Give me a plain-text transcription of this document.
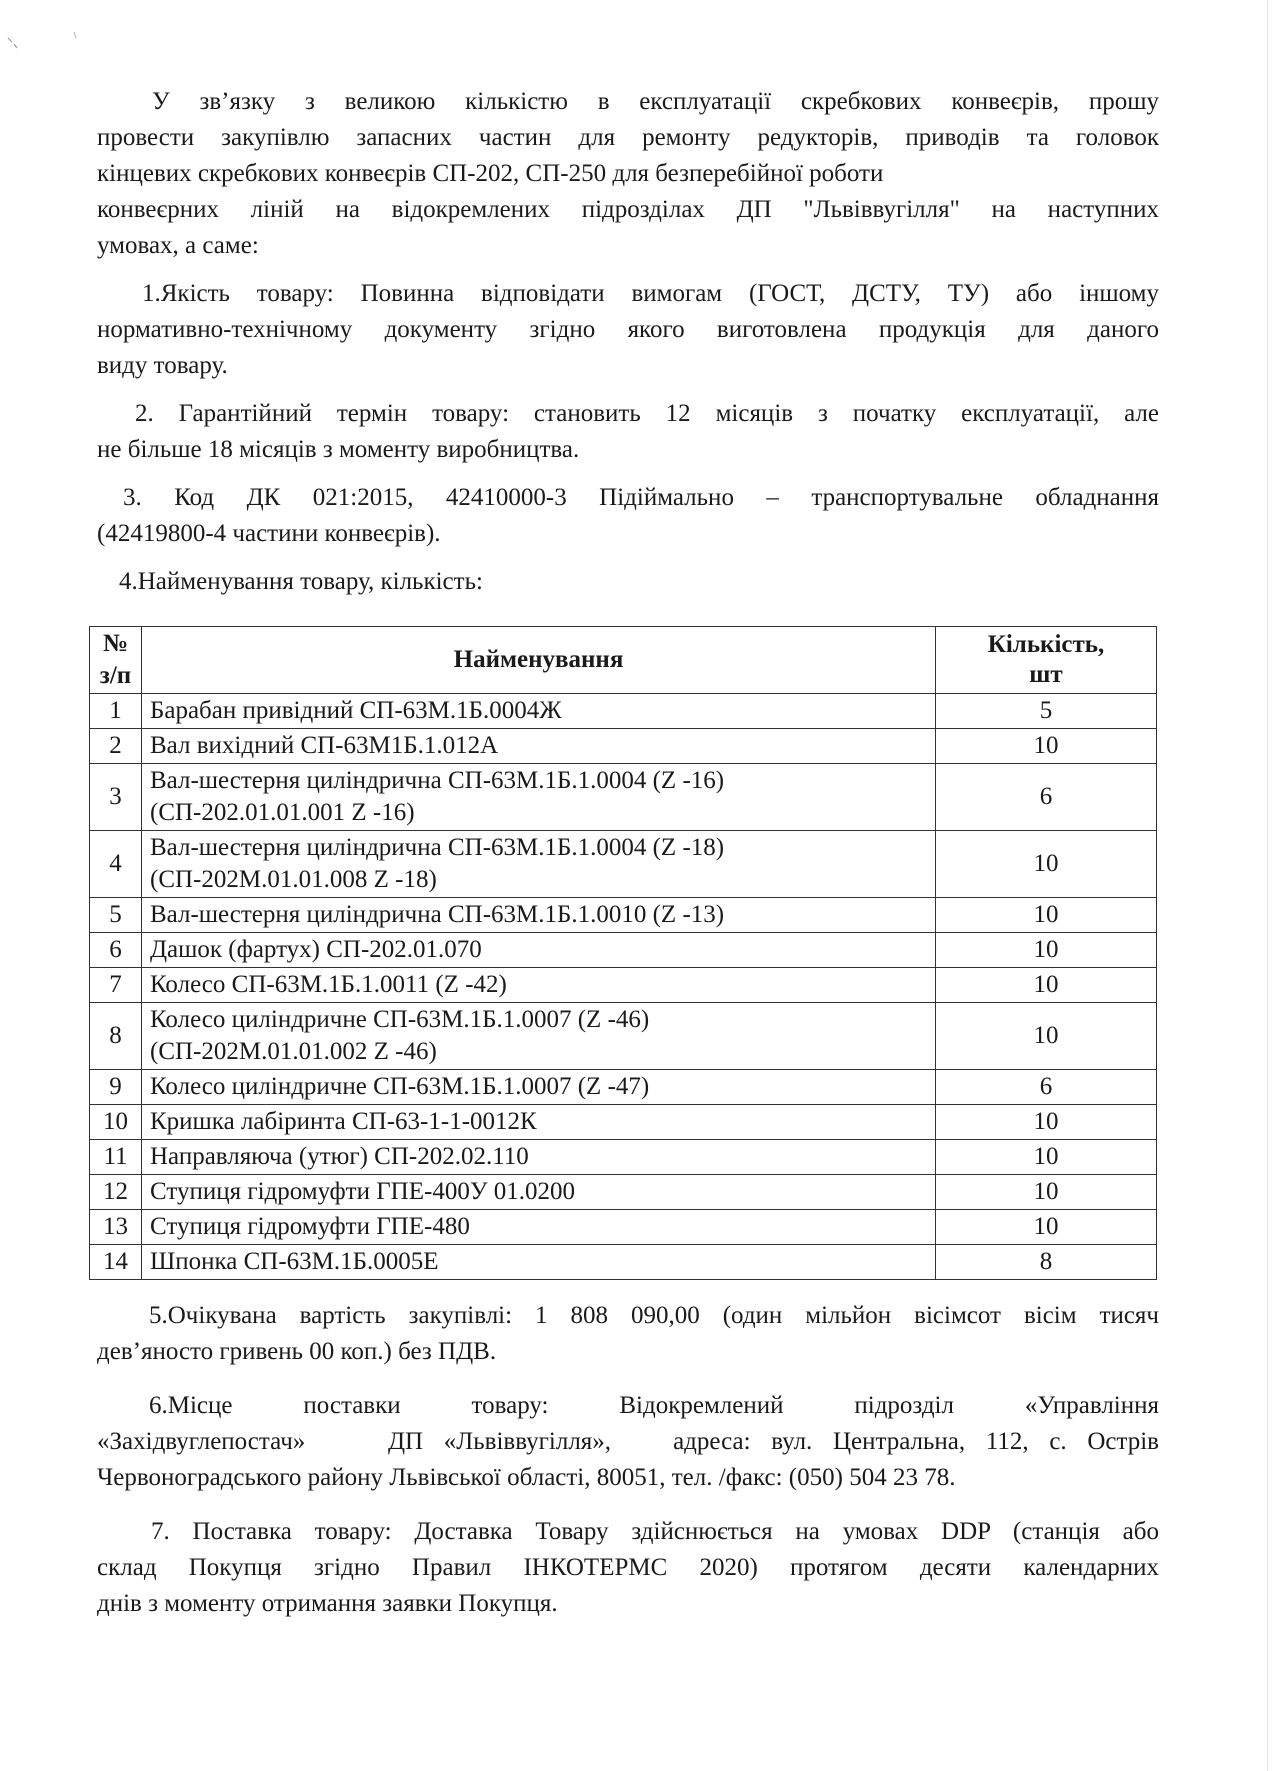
У зв’язку з великою кількістю в експлуатації скребкових конвеєрів, прошу
провести закупівлю запасних частин для ремонту редукторів, приводів та головок
кінцевих скребкових конвеєрів СП-202, СП-250 для безперебійної роботи
конвеєрних ліній на відокремлених підрозділах ДП "Львіввугілля" на наступних
умовах, а саме:

1.Якість товару: Повинна відповідати вимогам (ГОСТ, ДСТУ, ТУ) або іншому
нормативно-технічному документу згідно якого виготовлена продукція для даного
виду товару.

2. Гарантійний термін товару: становить 12 місяців з початку експлуатації, але
не більше 18 місяців з моменту виробництва.

3. Код ДК 021:2015, 42410000-3 Підіймально – транспортувальне обладнання
(42419800-4 частини конвеєрів).

4.Найменування товару, кількість:

№
з/п	Найменування	Кількість,
шт
1	Барабан привідний СП-63М.1Б.0004Ж	5
2	Вал вихідний СП-63М1Б.1.012А	10
3	Вал-шестерня циліндрична СП-63М.1Б.1.0004 (Z -16)
(СП-202.01.01.001 Z -16)	6
4	Вал-шестерня циліндрична СП-63М.1Б.1.0004 (Z -18)
(СП-202М.01.01.008 Z -18)	10
5	Вал-шестерня циліндрична СП-63М.1Б.1.0010 (Z -13)	10
6	Дашок (фартух) СП-202.01.070	10
7	Колесо СП-63М.1Б.1.0011 (Z -42)	10
8	Колесо циліндричне СП-63М.1Б.1.0007 (Z -46)
(СП-202М.01.01.002 Z -46)	10
9	Колесо циліндричне СП-63М.1Б.1.0007 (Z -47)	6
10	Кришка лабіринта СП-63-1-1-0012К	10
11	Направляюча (утюг) СП-202.02.110	10
12	Ступиця гідромуфти ГПЕ-400У 01.0200	10
13	Ступиця гідромуфти ГПЕ-480	10
14	Шпонка СП-63М.1Б.0005Е	8

5.Очікувана вартість закупівлі: 1 808 090,00 (один мільйон вісімсот вісім тисяч
дев’яносто гривень 00 коп.) без ПДВ.

6.Місце      поставки      товару:      Відокремлений      підрозділ      «Управління
«Західвуглепостач»    ДП «Львіввугілля»,   адреса: вул. Центральна, 112, с. Острів
Червоноградського району Львівської області, 80051, тел. /факс: (050) 504 23 78.

7. Поставка товару: Доставка Товару здійснюється на умовах DDP (станція або
склад Покупця згідно Правил ІНКОТЕРМС 2020) протягом десяти календарних
днів з моменту отримання заявки Покупця.
